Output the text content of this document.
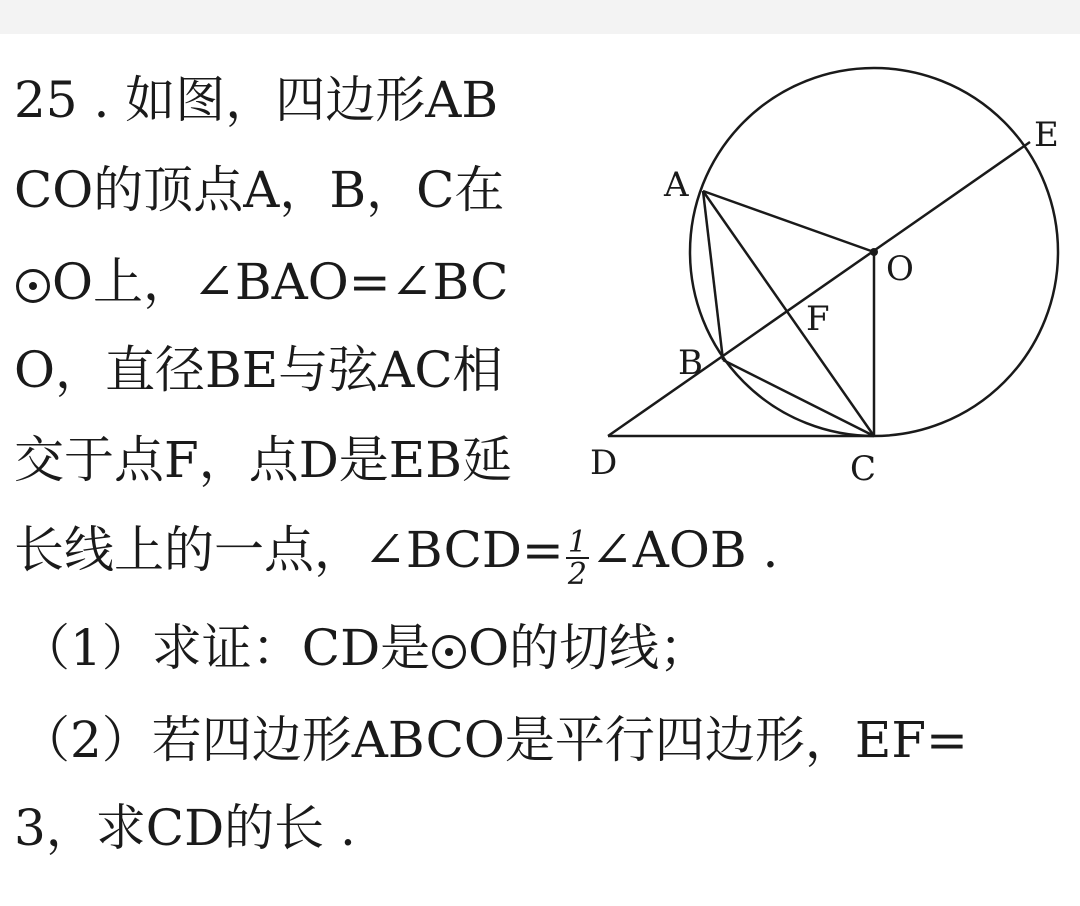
25 . 如图，四边形AB
CO的顶点A，B，C在
O上，∠BAO=∠BC
O，直径BE与弦AC相
交于点F，点D是EB延
长线上的一点，∠BCD= $\frac{1}{2}$ ∠AOB .
（1）求证：CD是 O的切线；
（2）若四边形ABCO是平行四边形，EF=
3，求CD的长 .
A
B
C
D
E
O
F
